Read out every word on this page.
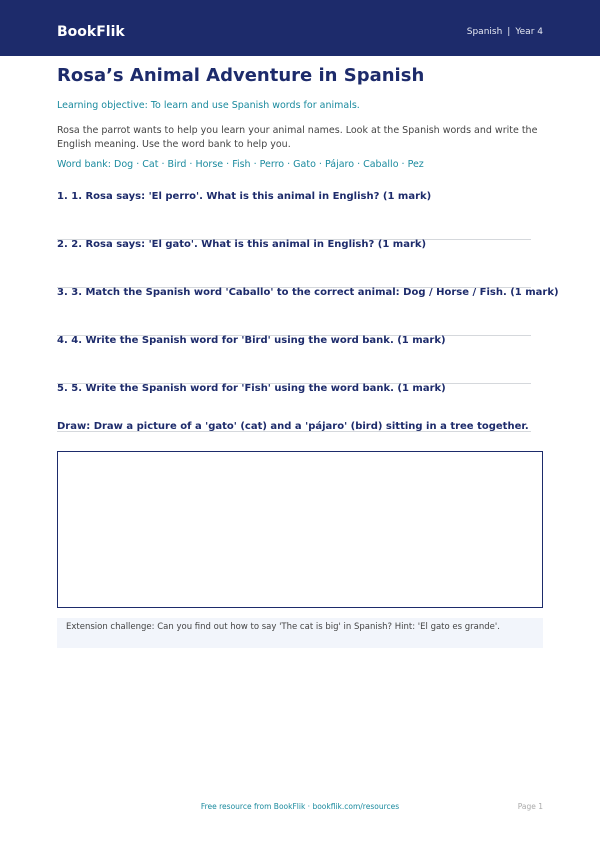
BookFlik	Spanish | Year 4
Rosa’s Animal Adventure in Spanish
Learning objective: To learn and use Spanish words for animals.
Rosa the parrot wants to help you learn your animal names. Look at the Spanish words and write the English meaning. Use the word bank to help you.
Word bank: Dog · Cat · Bird · Horse · Fish · Perro · Gato · Pájaro · Caballo · Pez
1. 1. Rosa says: 'El perro'. What is this animal in English? (1 mark)
2. 2. Rosa says: 'El gato'. What is this animal in English? (1 mark)
3. 3. Match the Spanish word 'Caballo' to the correct animal: Dog / Horse / Fish. (1 mark)
4. 4. Write the Spanish word for 'Bird' using the word bank. (1 mark)
5. 5. Write the Spanish word for 'Fish' using the word bank. (1 mark)
Draw: Draw a picture of a 'gato' (cat) and a 'pájaro' (bird) sitting in a tree together.
Extension challenge: Can you find out how to say 'The cat is big' in Spanish? Hint: 'El gato es grande'.
Free resource from BookFlik · bookflik.com/resources	Page 1
